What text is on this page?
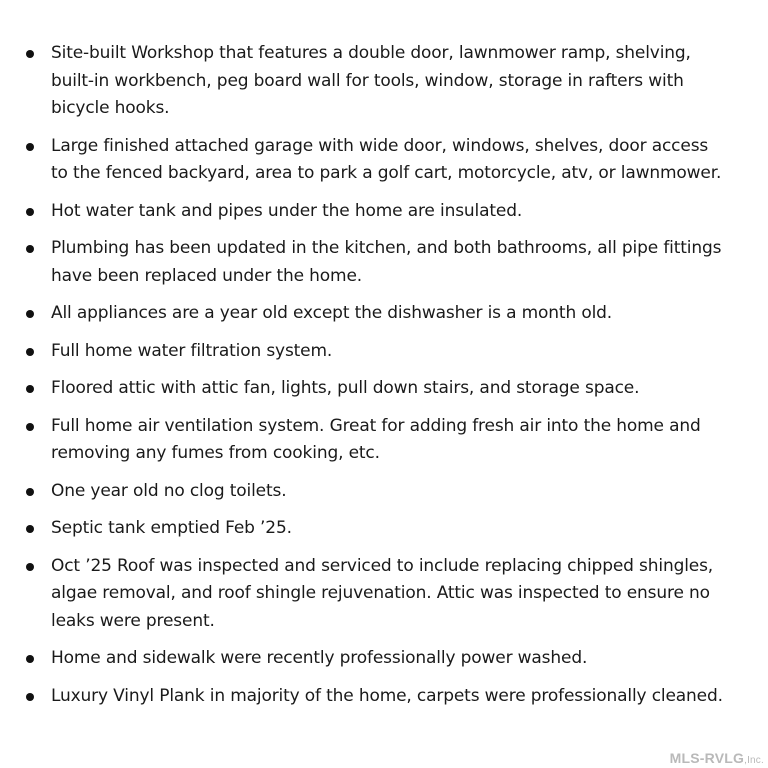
Site-built Workshop that features a double door, lawnmower ramp, shelving, built-in workbench, peg board wall for tools, window, storage in rafters with bicycle hooks.
Large finished attached garage with wide door, windows, shelves, door access to the fenced backyard, area to park a golf cart, motorcycle, atv, or lawnmower.
Hot water tank and pipes under the home are insulated.
Plumbing has been updated in the kitchen, and both bathrooms, all pipe fittings have been replaced under the home.
All appliances are a year old except the dishwasher is a month old.
Full home water filtration system.
Floored attic with attic fan, lights, pull down stairs, and storage space.
Full home air ventilation system. Great for adding fresh air into the home and removing any fumes from cooking, etc.
One year old no clog toilets.
Septic tank emptied Feb ’25.
Oct ’25 Roof was inspected and serviced to include replacing chipped shingles, algae removal, and roof shingle rejuvenation. Attic was inspected to ensure no leaks were present.
Home and sidewalk were recently professionally power washed.
Luxury Vinyl Plank in majority of the home, carpets were professionally cleaned.
MLS-RVLG,Inc.
